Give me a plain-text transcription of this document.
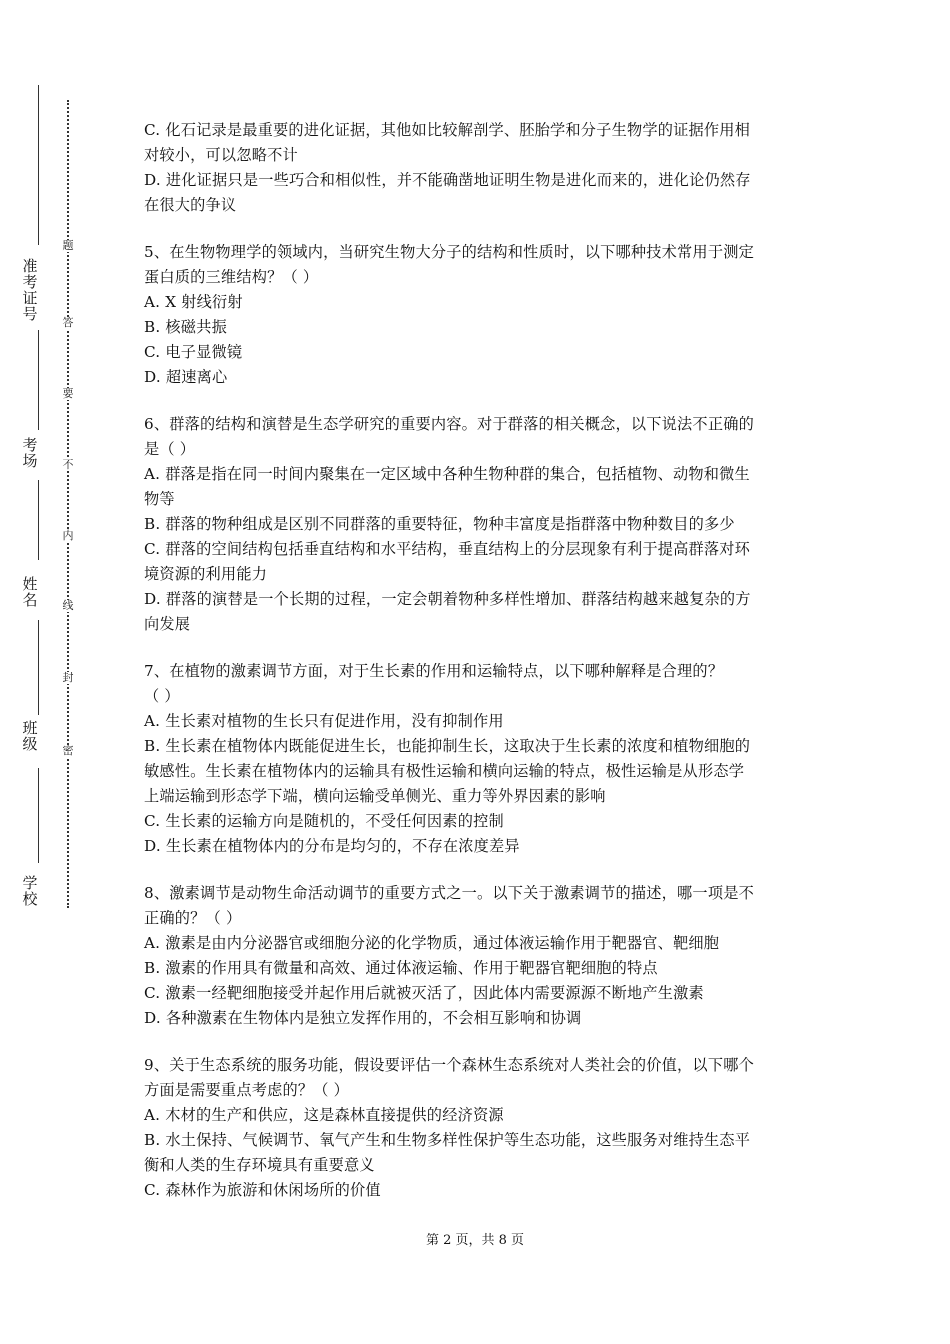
准考证号
考场
姓名
班级
学校
题
答
要
不
内
线
封
密

C. 化石记录是最重要的进化证据，其他如比较解剖学、胚胎学和分子生物学的证据作用相

对较小，可以忽略不计

D. 进化证据只是一些巧合和相似性，并不能确凿地证明生物是进化而来的，进化论仍然存

在很大的争议

5、在生物物理学的领域内，当研究生物大分子的结构和性质时，以下哪种技术常用于测定

蛋白质的三维结构？（ ）

A. X 射线衍射

B. 核磁共振

C. 电子显微镜

D. 超速离心

6、群落的结构和演替是生态学研究的重要内容。对于群落的相关概念，以下说法不正确的

是（ ）

A. 群落是指在同一时间内聚集在一定区域中各种生物种群的集合，包括植物、动物和微生

物等

B. 群落的物种组成是区别不同群落的重要特征，物种丰富度是指群落中物种数目的多少

C. 群落的空间结构包括垂直结构和水平结构，垂直结构上的分层现象有利于提高群落对环

境资源的利用能力

D. 群落的演替是一个长期的过程，一定会朝着物种多样性增加、群落结构越来越复杂的方

向发展

7、在植物的激素调节方面，对于生长素的作用和运输特点，以下哪种解释是合理的？

（ ）

A. 生长素对植物的生长只有促进作用，没有抑制作用

B. 生长素在植物体内既能促进生长，也能抑制生长，这取决于生长素的浓度和植物细胞的

敏感性。生长素在植物体内的运输具有极性运输和横向运输的特点，极性运输是从形态学

上端运输到形态学下端，横向运输受单侧光、重力等外界因素的影响

C. 生长素的运输方向是随机的，不受任何因素的控制

D. 生长素在植物体内的分布是均匀的，不存在浓度差异

8、激素调节是动物生命活动调节的重要方式之一。以下关于激素调节的描述，哪一项是不

正确的？（ ）

A. 激素是由内分泌器官或细胞分泌的化学物质，通过体液运输作用于靶器官、靶细胞

B. 激素的作用具有微量和高效、通过体液运输、作用于靶器官靶细胞的特点

C. 激素一经靶细胞接受并起作用后就被灭活了，因此体内需要源源不断地产生激素

D. 各种激素在生物体内是独立发挥作用的，不会相互影响和协调

9、关于生态系统的服务功能，假设要评估一个森林生态系统对人类社会的价值，以下哪个

方面是需要重点考虑的？（ ）

A. 木材的生产和供应，这是森林直接提供的经济资源

B. 水土保持、气候调节、氧气产生和生物多样性保护等生态功能，这些服务对维持生态平

衡和人类的生存环境具有重要意义

C. 森林作为旅游和休闲场所的价值

第 2 页，共 8 页
